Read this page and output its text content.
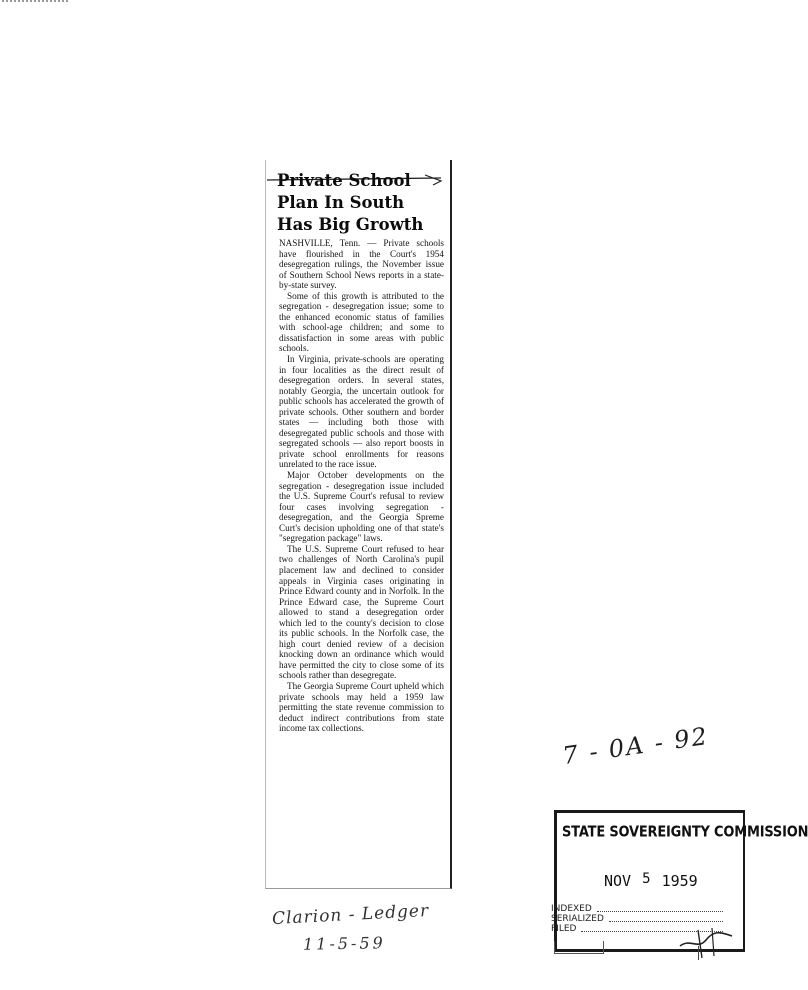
Private School
Plan In South
Has Big Growth

NASHVILLE, Tenn. — Private schools have flourished in the Court's 1954 desegregation rulings, the November issue of Southern School News reports in a state-by-state survey.

Some of this growth is attributed to the segregation - desegregation issue; some to the enhanced economic status of families with school-age children; and some to dissatisfaction in some areas with public schools.

In Virginia, private-schools are operating in four localities as the direct result of desegregation orders. In several states, notably Georgia, the uncertain outlook for public schools has accelerated the growth of private schools. Other southern and border states — including both those with desegregated public schools and those with segregated schools — also report boosts in private school enrollments for reasons unrelated to the race issue.

Major October developments on the segregation - desegregation issue included the U.S. Supreme Court's refusal to review four cases involving segregation - desegregation, and the Georgia Spreme Curt's decision upholding one of that state's "segregation package" laws.

The U.S. Supreme Court refused to hear two challenges of North Carolina's pupil placement law and declined to consider appeals in Virginia cases originating in Prince Edward county and in Norfolk. In the Prince Edward case, the Supreme Court allowed to stand a desegregation order which led to the county's decision to close its public schools. In the Norfolk case, the high court denied review of a decision knocking down an ordinance which would have permitted the city to close some of its schools rather than desegregate.

The Georgia Supreme Court upheld which private schools may held a 1959 law permitting the state revenue commission to deduct indirect contributions from state income tax collections.

Clarion - Ledger
11-5-59
7 - 0A - 92
STATE SOVEREIGNTY COMMISSION
NOV 5 1959
INDEXED
SERIALIZED
FILED
